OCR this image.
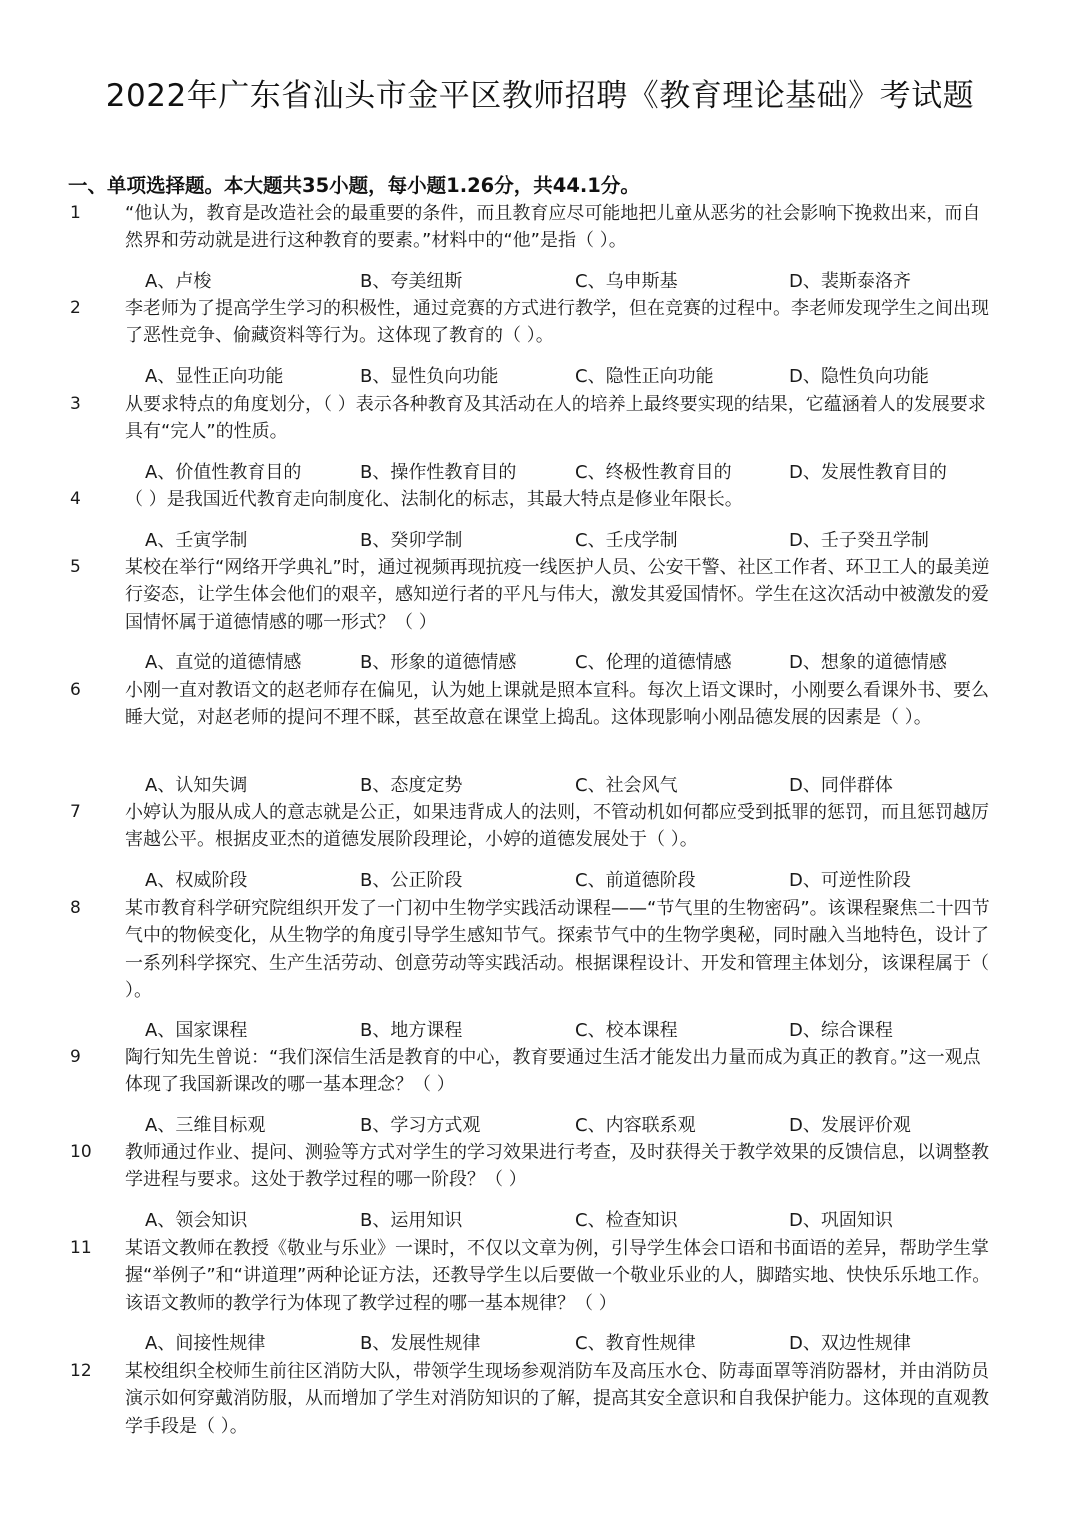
2022年广东省汕头市金平区教师招聘《教育理论基础》考试题
一、单项选择题。本大题共35小题，每小题1.26分，共44.1分。
1 “他认为，教育是改造社会的最重要的条件，而且教育应尽可能地把儿童从恶劣的社会影响下挽救出来，而自然界和劳动就是进行这种教育的要素。”材料中的“他”是指（ ）。
A、卢梭	B、夸美纽斯	C、乌申斯基	D、裴斯泰洛齐
2 李老师为了提高学生学习的积极性，通过竞赛的方式进行教学，但在竞赛的过程中。李老师发现学生之间出现了恶性竞争、偷藏资料等行为。这体现了教育的（ ）。
A、显性正向功能	B、显性负向功能	C、隐性正向功能	D、隐性负向功能
3 从要求特点的角度划分，（ ）表示各种教育及其活动在人的培养上最终要实现的结果，它蕴涵着人的发展要求具有“完人”的性质。
A、价值性教育目的	B、操作性教育目的	C、终极性教育目的	D、发展性教育目的
4 （ ）是我国近代教育走向制度化、法制化的标志，其最大特点是修业年限长。
A、壬寅学制	B、癸卯学制	C、壬戌学制	D、壬子癸丑学制
5 某校在举行“网络开学典礼”时，通过视频再现抗疫一线医护人员、公安干警、社区工作者、环卫工人的最美逆行姿态，让学生体会他们的艰辛，感知逆行者的平凡与伟大，激发其爱国情怀。学生在这次活动中被激发的爱国情怀属于道德情感的哪一形式？（ ）
A、直觉的道德情感	B、形象的道德情感	C、伦理的道德情感	D、想象的道德情感
6 小刚一直对教语文的赵老师存在偏见，认为她上课就是照本宣科。每次上语文课时，小刚要么看课外书、要么睡大觉，对赵老师的提问不理不睬，甚至故意在课堂上捣乱。这体现影响小刚品德发展的因素是（ ）。
A、认知失调	B、态度定势	C、社会风气	D、同伴群体
7 小婷认为服从成人的意志就是公正，如果违背成人的法则，不管动机如何都应受到抵罪的惩罚，而且惩罚越厉害越公平。根据皮亚杰的道德发展阶段理论，小婷的道德发展处于（ ）。
A、权威阶段	B、公正阶段	C、前道德阶段	D、可逆性阶段
8 某市教育科学研究院组织开发了一门初中生物学实践活动课程——“节气里的生物密码”。该课程聚焦二十四节气中的物候变化，从生物学的角度引导学生感知节气。探索节气中的生物学奥秘，同时融入当地特色，设计了一系列科学探究、生产生活劳动、创意劳动等实践活动。根据课程设计、开发和管理主体划分，该课程属于（ ）。
A、国家课程	B、地方课程	C、校本课程	D、综合课程
9 陶行知先生曾说：“我们深信生活是教育的中心，教育要通过生活才能发出力量而成为真正的教育。”这一观点体现了我国新课改的哪一基本理念？（ ）
A、三维目标观	B、学习方式观	C、内容联系观	D、发展评价观
10 教师通过作业、提问、测验等方式对学生的学习效果进行考查，及时获得关于教学效果的反馈信息，以调整教学进程与要求。这处于教学过程的哪一阶段？（ ）
A、领会知识	B、运用知识	C、检查知识	D、巩固知识
11 某语文教师在教授《敬业与乐业》一课时，不仅以文章为例，引导学生体会口语和书面语的差异，帮助学生掌握“举例子”和“讲道理”两种论证方法，还教导学生以后要做一个敬业乐业的人，脚踏实地、快快乐乐地工作。该语文教师的教学行为体现了教学过程的哪一基本规律？（ ）
A、间接性规律	B、发展性规律	C、教育性规律	D、双边性规律
12 某校组织全校师生前往区消防大队，带领学生现场参观消防车及高压水仓、防毒面罩等消防器材，并由消防员演示如何穿戴消防服，从而增加了学生对消防知识的了解，提高其安全意识和自我保护能力。这体现的直观教学手段是（ ）。
